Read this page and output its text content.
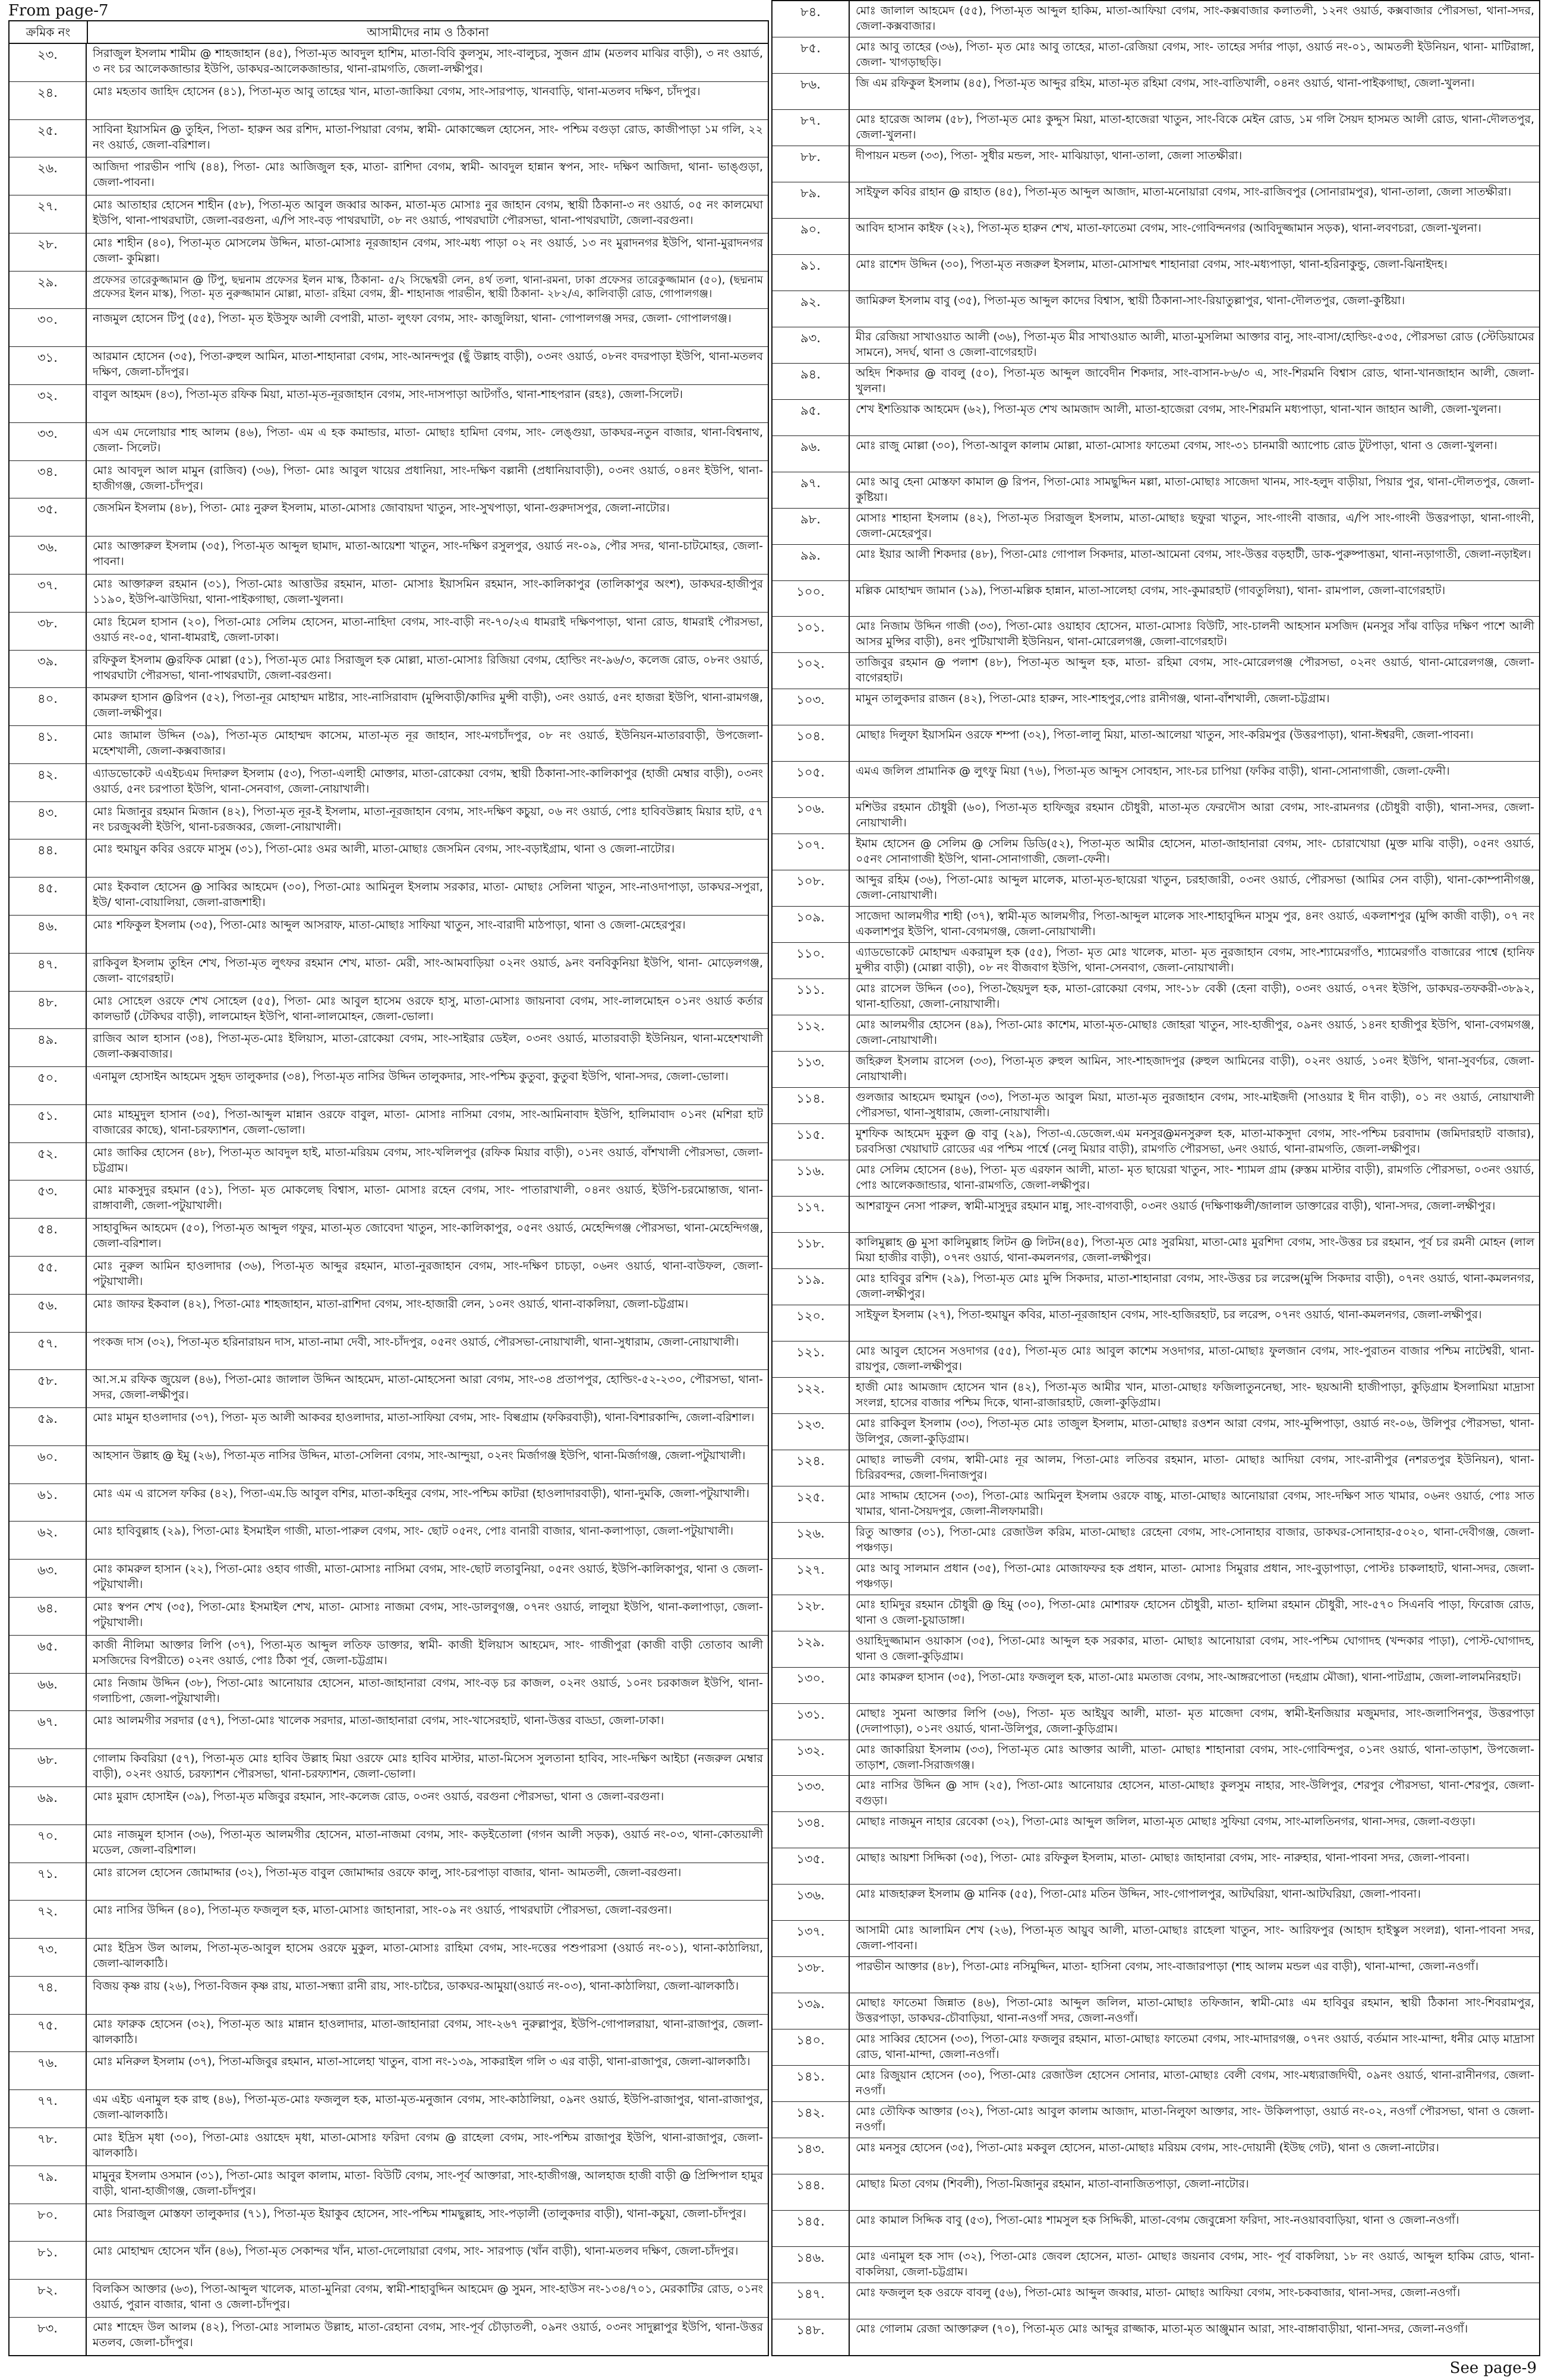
From page-7
ক্রমিক নং	আসামীদের নাম ও ঠিকানা
২৩.	সিরাজুল ইসলাম শামীম @ শাহজাহান (৪৫), পিতা-মৃত আবদুল হাশিম, মাতা-বিবি কুলসুম, সাং-বালুচর, সুজন গ্রাম (মতলব মাঝির বাড়ী), ৩ নং ওয়ার্ড, ৩ নং চর আলেকজান্ডার ইউপি, ডাকঘর-আলেকজান্ডার, থানা-রামগতি, জেলা-লক্ষীপুর।
২৪.	মোঃ মহতাব জাহিদ হোসেন (৪১), পিতা-মৃত আবু তাহের খান, মাতা-জাকিয়া বেগম, সাং-সারপাড়, খানবাড়ি, থানা-মতলব দক্ষিণ, চাঁদপুর।
২৫.	সাবিনা ইয়াসমিন @ তুহিন, পিতা- হারুন অর রশিদ, মাতা-পিয়ারা বেগম, স্বামী- মোকাজ্জেল হোসেন, সাং- পশ্চিম বগুড়া রোড, কাজীপাড়া ১ম গলি, ২২ নং ওয়ার্ড, জেলা-বরিশাল।
২৬.	আজিদা পারভীন পাখি (৪৪), পিতা- মোঃ আজিজুল হক, মাতা- রাশিদা বেগম, স্বামী- আবদুল হান্নান স্বপন, সাং- দক্ষিণ আজিদা, থানা- ভাঙ্গুড়া, জেলা-পাবনা।
২৭.	মোঃ আতাহার হোসেন শাহীন (৫৮), পিতা-মৃত আবুল জব্বার আকন, মাতা-মৃত মোসাঃ নুর জাহান বেগম, স্থায়ী ঠিকানা-৩ নং ওয়ার্ড, ০৫ নং কালমেঘা ইউপি, থানা-পাথরঘাটা, জেলা-বরগুনা, এ/পি সাং-বড় পাথরঘাটা, ০৮ নং ওয়ার্ড, পাথরঘাটা পৌরসভা, থানা-পাথরঘাটা, জেলা-বরগুনা।
২৮.	মোঃ শাহীন (৪০), পিতা-মৃত মোসলেম উদ্দিন, মাতা-মোসাঃ নূরজাহান বেগম, সাং-মধ্য পাড়া ০২ নং ওয়ার্ড, ১৩ নং মুরাদনগর ইউপি, থানা-মুরাদনগর জেলা- কুমিল্লা।
২৯.	প্রফেসর তারেকুজ্জামান @ টিপু, ছদ্মনাম প্রফেসর ইলন মাস্ক, ঠিকানা- ৫/২ সিদ্ধেশ্বরী লেন, ৪র্থ তলা, থানা-রমনা, ঢাকা প্রফেসর তারেকুজ্জামান (৫০), (ছদ্মনাম প্রফেসর ইলন মাস্ক), পিতা- মৃত নুরুজ্জামান মোল্লা, মাতা- রহিমা বেগম, স্ত্রী- শাহানাজ পারভীন, স্থায়ী ঠিকানা- ২৮২/এ, কালিবাড়ী রোড, গোপালগঞ্জ।
৩০.	নাজমুল হোসেন টিপু (৫৫), পিতা- মৃত ইউসুফ আলী বেপারী, মাতা- লুৎফা বেগম, সাং- কাজুলিয়া, থানা- গোপালগঞ্জ সদর, জেলা- গোপালগঞ্জ।
৩১.	আরমান হোসেন (৩৫), পিতা-রুহুল আমিন, মাতা-শাহানারা বেগম, সাং-আনন্দপুর (ছুঁ উল্লাহ বাড়ী), ০৩নং ওয়ার্ড, ০৮নং বদরপাড়া ইউপি, থানা-মতলব দক্ষিণ, জেলা-চাঁদপুর।
৩২.	বাবুল আহমদ (৪৩), পিতা-মৃত রফিক মিয়া, মাতা-মৃত-নূরজাহান বেগম, সাং-দাসপাড়া আটগাঁও, থানা-শাহপরান (রহঃ), জেলা-সিলেট।
৩৩.	এস এম দেলোয়ার শাহ আলম (৪৬), পিতা- এম এ হক কমান্ডার, মাতা- মোছাঃ হামিদা বেগম, সাং- লেঙ্গুয়া, ডাকঘর-নতুন বাজার, থানা-বিশ্বনাথ, জেলা- সিলেট।
৩৪.	মোঃ আবদুল আল মামুন (রাজিব) (৩৬), পিতা- মোঃ আবুল খায়ের প্রধানিয়া, সাং-দক্ষিণ বল্লানী (প্রধানিয়াবাড়ী), ০৩নং ওয়ার্ড, ০৪নং ইউপি, থানা-হাজীগঞ্জ, জেলা-চাঁদপুর।
৩৫.	জেসমিন ইসলাম (৪৮), পিতা- মোঃ নুরুল ইসলাম, মাতা-মোসাঃ জোবায়দা খাতুন, সাং-সুখপাড়া, থানা-গুরুদাসপুর, জেলা-নাটোর।
৩৬.	মোঃ আক্তারুল ইসলাম (৩৫), পিতা-মৃত আব্দুল ছামাদ, মাতা-আয়েশা খাতুন, সাং-দক্ষিণ রসুলপুর, ওয়ার্ড নং-০৯, পৌর সদর, থানা-চাটমোহর, জেলা-পাবনা।
৩৭.	মোঃ আক্তারুল রহমান (৩১), পিতা-মোঃ আত্তাউর রহমান, মাতা- মোসাঃ ইয়াসমিন রহমান, সাং-কালিকাপুর (তালিকাপুর অংশ), ডাকঘর-হাজীপুর ১১৯০, ইউপি-ঝাউদিয়া, থানা-পাইকগাছা, জেলা-খুলনা।
৩৮.	মোঃ হিমেল হাসান (২০), পিতা-মোঃ সেলিম হোসেন, মাতা-নাহিদা বেগম, সাং-বাড়ী নং-৭০/২এ ধামরাই দক্ষিণপাড়া, থানা রোড, ধামরাই পৌরসভা, ওয়ার্ড নং-০৫, থানা-ধামরাই, জেলা-ঢাকা।
৩৯.	রফিকুল ইসলাম @রফিক মোল্লা (৫১), পিতা-মৃত মোঃ সিরাজুল হক মোল্লা, মাতা-মোসাঃ রিজিয়া বেগম, হোল্ডিং নং-৯৬/৩, কলেজ রোড, ০৮নং ওয়ার্ড, পাথরঘাটা পৌরসভা, থানা-পাথরঘাটা, জেলা-বরগুনা।
৪০.	কামরুল হাসান @রিপন (৫২), পিতা-নূর মোহাম্মদ মাষ্টার, সাং-নাসিরাবাদ (মুন্সিবাড়ী/কাদির মুন্সী বাড়ী), ৩নং ওয়ার্ড, ৫নং হাজরা ইউপি, থানা-রামগঞ্জ, জেলা-লক্ষীপুর।
৪১.	মোঃ জামাল উদ্দিন (৩৯), পিতা-মৃত মোহাম্মদ কাসেম, মাতা-মৃত নূর জাহান, সাং-মগচাঁদপুর, ০৮ নং ওয়ার্ড, ইউনিয়ন-মাতারবাড়ী, উপজেলা- মহেশখালী, জেলা-কক্সবাজার।
৪২.	এ্যাডভোকেট এএইচএম দিদারুল ইসলাম (৫৩), পিতা-এলাহী মোক্তার, মাতা-রোকেয়া বেগম, স্থায়ী ঠিকানা-সাং-কালিকাপুর (হাজী মেম্বার বাড়ী), ০৩নং ওয়ার্ড, ৫নং চরপাতা ইউপি, থানা-সেনবাগ, জেলা-নোয়াখালী।
৪৩.	মোঃ মিজানুর রহমান মিজান (৪২), পিতা-মৃত নূর-ই ইসলাম, মাতা-নূরজাহান বেগম, সাং-দক্ষিণ কচুয়া, ০৬ নং ওয়ার্ড, পোঃ হাবিবউল্লাহ মিয়ার হাট, ৫৭ নং চরজুব্বলী ইউপি, থানা-চরজব্বর, জেলা-নোয়াখালী।
৪৪.	মোঃ হুমায়ুন কবির ওরফে মাসুম (৩১), পিতা-মোঃ ওমর আলী, মাতা-মোছাঃ জেসমিন বেগম, সাং-বড়াইগ্রাম, থানা ও জেলা-নাটোর।
৪৫.	মোঃ ইকবাল হোসেন @ সাব্বির আহমেদ (৩০), পিতা-মোঃ আমিনুল ইসলাম সরকার, মাতা- মোছাঃ সেলিনা খাতুন, সাং-নাওদাপাড়া, ডাকঘর-সপুরা, ইউ/ থানা-বোয়ালিয়া, জেলা-রাজশাহী।
৪৬.	মোঃ শফিকুল ইসলাম (৩৫), পিতা-মোঃ আব্দুল আসরাফ, মাতা-মোছাঃ সাফিয়া খাতুন, সাং-বারাদী মাঠপাড়া, থানা ও জেলা-মেহেরপুর।
৪৭.	রাকিবুল ইসলাম তুহিন শেখ, পিতা-মৃত লুৎফর রহমান শেখ, মাতা- মেরী, সাং-আমবাড়িয়া ০২নং ওয়ার্ড, ৯নং বনবিকুনিয়া ইউপি, থানা- মোড়েলগঞ্জ, জেলা- বাগেরহাট।
৪৮.	মোঃ সোহেল ওরফে শেখ সোহেল (৫৫), পিতা- মোঃ আবুল হাসেম ওরফে হাসু, মাতা-মোসাঃ জায়নাবা বেগম, সাং-লালমোহন ০১নং ওয়ার্ড কর্তার কালভার্ট (টেকিঘর বাড়ী), লালমোহন ইউপি, থানা-লালমোহন, জেলা-ভোলা।
৪৯.	রাজিব আল হাসান (৩৪), পিতা-মৃত-মোঃ ইলিয়াস, মাতা-রোকেয়া বেগম, সাং-সাইরার ডেইল, ০৩নং ওয়ার্ড, মাতারবাড়ী ইউনিয়ন, থানা-মহেশখালী জেলা-কক্সবাজার।
৫০.	এনামুল হোসাইন আহমেদ সুহৃদ তালুকদার (৩৪), পিতা-মৃত নাসির উদ্দিন তালুকদার, সাং-পশ্চিম কুতুবা, কুতুবা ইউপি, থানা-সদর, জেলা-ভোলা।
৫১.	মোঃ মাহমুদুল হাসান (৩৫), পিতা-আব্দুল মান্নান ওরফে বাবুল, মাতা- মোসাঃ নাসিমা বেগম, সাং-আমিনাবাদ ইউপি, হালিমাবাদ ০১নং (মশিরা হাট বাজারের কাছে), থানা-চরফ্যাশন, জেলা-ভোলা।
৫২.	মোঃ জাকির হোসেন (৪৮), পিতা-মৃত আবদুল হাই, মাতা-মরিয়ম বেগম, সাং-খলিলপুর (রফিক মিয়ার বাড়ী), ০১নং ওয়ার্ড, বাঁশখালী পৌরসভা, জেলা-চট্টগ্রাম।
৫৩.	মোঃ মাকসুদুর রহমান (৫১), পিতা- মৃত মোকলেছ বিশ্বাস, মাতা- মোসাঃ রহেন বেগম, সাং- পাতারাখালী, ০৪নং ওয়ার্ড, ইউপি-চরমোন্তাজ, থানা-রাঙ্গাবালী, জেলা-পটুয়াখালী।
৫৪.	সাহাবুদ্দিন আহমেদ (৫০), পিতা-মৃত আব্দুল গফুর, মাতা-মৃত জোবেদা খাতুন, সাং-কালিকাপুর, ০৫নং ওয়ার্ড, মেহেন্দিগঞ্জ পৌরসভা, থানা-মেহেন্দিগঞ্জ, জেলা-বরিশাল।
৫৫.	মোঃ নুরুল আমিন হাওলাদার (৩৬), পিতা-মৃত আব্দুর রহমান, মাতা-নুরজাহান বেগম, সাং-দক্ষিণ চাচড়া, ০৬নং ওয়ার্ড, থানা-বাউফল, জেলা-পটুয়াখালী।
৫৬.	মোঃ জাফর ইকবাল (৪২), পিতা-মোঃ শাহজাহান, মাতা-রাশিদা বেগম, সাং-হাজারী লেন, ১০নং ওয়ার্ড, থানা-বাকলিয়া, জেলা-চট্টগ্রাম।
৫৭.	পংকজ দাস (৩২), পিতা-মৃত হরিনারায়ন দাস, মাতা-নামা দেবী, সাং-চাঁদপুর, ০৫নং ওয়ার্ড, পৌরসভা-নোয়াখালী, থানা-সুধারাম, জেলা-নোয়াখালী।
৫৮.	আ.স.ম রফিক জুয়েল (৪৬), পিতা-মোঃ জালাল উদ্দিন আহমেদ, মাতা-মোহসেনা আরা বেগম, সাং-৩৪ প্রতাপপুর, হোল্ডিং-৫২-২৩০, পৌরসভা, থানা-সদর, জেলা-লক্ষীপুর।
৫৯.	মোঃ মামুন হাওলাদার (৩৭), পিতা- মৃত আলী আকবর হাওলাদার, মাতা-সাফিয়া বেগম, সাং- বিল্বগ্রাম (ফকিরবাড়ী), থানা-বিশারকান্দি, জেলা-বরিশাল।
৬০.	আহসান উল্লাহ @ ইমু (২৬), পিতা-মৃত নাসির উদ্দিন, মাতা-সেলিনা বেগম, সাং-আন্দুয়া, ০২নং মির্জাগঞ্জ ইউপি, থানা-মির্জাগঞ্জ, জেলা-পটুয়াখালী।
৬১.	মোঃ এম এ রাসেল ফকির (৪২), পিতা-এম.ডি আবুল বশির, মাতা-কহিনুর বেগম, সাং-পশ্চিম কাটরা (হাওলাদারবাড়ী), থানা-দুমকি, জেলা-পটুয়াখালী।
৬২.	মোঃ হাবিবুল্লাহ (২৯), পিতা-মোঃ ইসমাইল গাজী, মাতা-পারুল বেগম, সাং- ছোট ০৫নং, পোঃ বানারী বাজার, থানা-কলাপাড়া, জেলা-পটুয়াখালী।
৬৩.	মোঃ কামরুল হাসান (২২), পিতা-মোঃ ওহাব গাজী, মাতা-মোসাঃ নাসিমা বেগম, সাং-ছোট লতাবুনিয়া, ০৫নং ওয়ার্ড, ইউপি-কালিকাপুর, থানা ও জেলা- পটুয়াখালী।
৬৪.	মোঃ স্বপন শেখ (৩৫), পিতা-মোঃ ইসমাইল শেখ, মাতা- মোসাঃ নাজমা বেগম, সাং-ডালবুগঞ্জ, ০৭নং ওয়ার্ড, লালুয়া ইউপি, থানা-কলাপাড়া, জেলা-পটুয়াখালী।
৬৫.	কাজী নীলিমা আক্তার লিপি (৩৭), পিতা-মৃত আব্দুল লতিফ ডাক্তার, স্বামী- কাজী ইলিয়াস আহমেদ, সাং- গাজীপুরা (কাজী বাড়ী তোতাব আলী মসজিদের বিপরীতে) ০২নং ওয়ার্ড, পোঃ ঠিকা পূর্ব, জেলা-চট্টগ্রাম।
৬৬.	মোঃ নিজাম উদ্দিন (৩৮), পিতা-মোঃ আনোয়ার হোসেন, মাতা-জাহানারা বেগম, সাং-বড় চর কাজল, ০২নং ওয়ার্ড, ১০নং চরকাজল ইউপি, থানা-গলাচিপা, জেলা-পটুয়াখালী।
৬৭.	মোঃ আলমগীর সরদার (৫৭), পিতা-মোঃ খালেক সরদার, মাতা-জাহানারা বেগম, সাং-খাসেরহাট, থানা-উত্তর বাড্ডা, জেলা-ঢাকা।
৬৮.	গোলাম কিবরিয়া (৫৭), পিতা-মৃত মোঃ হাবিব উল্লাহ মিয়া ওরফে মোঃ হাবিব মাস্টার, মাতা-মিসেস সুলতানা হাবিব, সাং-দক্ষিণ আইচা (নজরুল মেম্বার বাড়ী), ০২নং ওয়ার্ড, চরফ্যাশন পৌরসভা, থানা-চরফ্যাশন, জেলা-ভোলা।
৬৯.	মোঃ মুরাদ হোসাইন (৩৯), পিতা-মৃত মজিবুর রহমান, সাং-কলেজ রোড, ০৩নং ওয়ার্ড, বরগুনা পৌরসভা, থানা ও জেলা-বরগুনা।
৭০.	মোঃ নাজমুল হাসান (৩৬), পিতা-মৃত আলমগীর হোসেন, মাতা-নাজমা বেগম, সাং- কড়ইতোলা (গগন আলী সড়ক), ওয়ার্ড নং-০৩, থানা-কোতয়ালী মডেল, জেলা-বরিশাল।
৭১.	মোঃ রাসেল হোসেন জোমাদ্দার (৩২), পিতা-মৃত বাবুল জোমাদ্দার ওরফে কালু, সাং-চরপাড়া বাজার, থানা- আমতলী, জেলা-বরগুনা।
৭২.	মোঃ নাসির উদ্দিন (৪০), পিতা-মৃত ফজলুল হক, মাতা-মোসাঃ জাহানারা, সাং-০৯ নং ওয়ার্ড, পাথরঘাটা পৌরসভা, জেলা-বরগুনা।
৭৩.	মোঃ ইদ্রিস উল আলম, পিতা-মৃত-আবুল হাসেম ওরফে মুকুল, মাতা-মোসাঃ রাহিমা বেগম, সাং-দত্তের পশুপারসা (ওয়ার্ড নং-০১), থানা-কাঠালিয়া, জেলা-ঝালকাঠি।
৭৪.	বিজয় কৃষ্ণ রায় (২৬), পিতা-বিজন কৃষ্ণ রায়, মাতা-সন্ধ্যা রানী রায়, সাং-চাচৈর, ডাকঘর-আমুয়া(ওয়ার্ড নং-০৩), থানা-কাঠালিয়া, জেলা-ঝালকাঠি।
৭৫.	মোঃ ফারুক হোসেন (৩২), পিতা-মৃত আঃ মান্নান হাওলাদার, মাতা-জাহানারা বেগম, সাং-২৬৭ নুরুল্লাপুর, ইউপি-গোপালরায়া, থানা-রাজাপুর, জেলা-ঝালকাঠি।
৭৬.	মোঃ মনিরুল ইসলাম (৩৭), পিতা-মজিবুর রহমান, মাতা-সালেহা খাতুন, বাসা নং-১৩৯, সাকরাইল গলি ৩ এর বাড়ী, থানা-রাজাপুর, জেলা-ঝালকাঠি।
৭৭.	এম এইচ এনামুল হক রাহু (৪৬), পিতা-মৃত-মোঃ ফজলুল হক, মাতা-মৃত-মনুজান বেগম, সাং-কাঠালিয়া, ০৯নং ওয়ার্ড, ইউপি-রাজাপুর, থানা-রাজাপুর, জেলা-ঝালকাঠি।
৭৮.	মোঃ ইদ্রিস মৃধা (৩০), পিতা-মোঃ ওয়াহেদ মৃধা, মাতা-মোসাঃ ফরিদা বেগম @ রাহেলা বেগম, সাং-পশ্চিম রাজাপুর ইউপি, থানা-রাজাপুর, জেলা-ঝালকাঠি।
৭৯.	মামুনুর ইসলাম ওসমান (৩১), পিতা-মোঃ আবুল কালাম, মাতা- বিউটি বেগম, সাং-পূর্ব আক্তারা, সাং-হাজীগঞ্জ, আলহাজ হাজী বাড়ী @ প্রিন্সিপাল হামুর বাড়ী, থানা-হাজীগঞ্জ, জেলা-চাঁদপুর।
৮০.	মোঃ সিরাজুল মোস্তফা তালুকদার (৭১), পিতা-মৃত ইয়াকুব হোসেন, সাং-পশ্চিম শামছুল্লাহ, সাং-পড়ালী (তালুকদার বাড়ী), থানা-কচুয়া, জেলা-চাঁদপুর।
৮১.	মোঃ মোহাম্মদ হোসেন খাঁন (৪৬), পিতা-মৃত সেকান্দর খাঁন, মাতা-দেলোয়ারা বেগম, সাং- সারপাড় (খাঁন বাড়ী), থানা-মতলব দক্ষিণ, জেলা-চাঁদপুর।
৮২.	বিলকিস আক্তার (৬৩), পিতা-আব্দুল খালেক, মাতা-মুনিরা বেগম, স্বামী-শাহাবুদ্দিন আহমেদ @ সুমন, সাং-হাউস নং-১৩৪/৭০১, মেরকাটির রোড, ০১নং ওয়ার্ড, পুরান বাজার, থানা ও জেলা-চাঁদপুর।
৮৩.	মোঃ শাহেদ উল আলম (৪২), পিতা-মোঃ সালামত উল্লাহ, মাতা-রেহানা বেগম, সাং-পূর্ব চৌড়াতলী, ০৯নং ওয়ার্ড, ০৩নং সাদুল্লাপুর ইউপি, থানা-উত্তর মতলব, জেলা-চাঁদপুর।
৮৪.	মোঃ জালাল আহমেদ (৫৫), পিতা-মৃত আব্দুল হাকিম, মাতা-আফিয়া বেগম, সাং-কক্সবাজার কলাতলী, ১২নং ওয়ার্ড, কক্সবাজার পৌরসভা, থানা-সদর, জেলা-কক্সবাজার।
৮৫.	মোঃ আবু তাহের (৩৬), পিতা- মৃত মোঃ আবু তাহের, মাতা-রেজিয়া বেগম, সাং- তাহের সর্দার পাড়া, ওয়ার্ড নং-০১, আমতলী ইউনিয়ন, থানা- মাটিরাঙ্গা, জেলা- খাগড়াছড়ি।
৮৬.	জি এম রফিকুল ইসলাম (৪৫), পিতা-মৃত আব্দুর রহিম, মাতা-মৃত রহিমা বেগম, সাং-বাতিখালী, ০৪নং ওয়ার্ড, থানা-পাইকগাছা, জেলা-খুলনা।
৮৭.	মোঃ হারেজ আলম (৫৮), পিতা-মৃত মোঃ কুদ্দুস মিয়া, মাতা-হাজেরা খাতুন, সাং-বিকে মেইন রোড, ১ম গলি সৈয়দ হাসমত আলী রোড, থানা-দৌলতপুর, জেলা-খুলনা।
৮৮.	দীপায়ন মন্ডল (৩৩), পিতা- সুধীর মন্ডল, সাং- মাঝিয়াড়া, থানা-তালা, জেলা সাতক্ষীরা।
৮৯.	সাইফুল কবির রাহান @ রাহাত (৪৫), পিতা-মৃত আব্দুল আজাদ, মাতা-মনোয়ারা বেগম, সাং-রাজিবপুর (সোনারামপুর), থানা-তালা, জেলা সাতক্ষীরা।
৯০.	আবিদ হাসান কাইফ (২২), পিতা-মৃত হারুন শেখ, মাতা-ফাতেমা বেগম, সাং-গোবিন্দনগর (আবিদুজ্জামান সড়ক), থানা-লবণচরা, জেলা-খুলনা।
৯১.	মোঃ রাশেদ উদ্দিন (৩০), পিতা-মৃত নজরুল ইসলাম, মাতা-মোসাম্মৎ শাহানারা বেগম, সাং-মধ্যপাড়া, থানা-হরিনাকুন্ডু, জেলা-ঝিনাইদহ।
৯২.	জামিরুল ইসলাম বাবু (৩৫), পিতা-মৃত আব্দুল কাদের বিশ্বাস, স্থায়ী ঠিকানা-সাং-রিয়াতুল্লাপুর, থানা-দৌলতপুর, জেলা-কুষ্টিয়া।
৯৩.	মীর রেজিয়া সাখাওয়াত আলী (৩৬), পিতা-মৃত মীর সাখাওয়াত আলী, মাতা-মুসলিমা আক্তার বানু, সাং-বাসা/হোল্ডিং-৫৩৫, পৌরসভা রোড (স্টেডিয়ামের সামনে), সদর্ঘ, থানা ও জেলা-বাগেরহাট।
৯৪.	অহিদ শিকদার @ বাবলু (৫০), পিতা-মৃত আব্দুল জাবেদীন শিকদার, সাং-বাসান-৮৬/৩ এ, সাং-শিরমনি বিশ্বাস রোড, থানা-খানজাহান আলী, জেলা-খুলনা।
৯৫.	শেখ ইশতিয়াক আহমেদ (৬২), পিতা-মৃত শেখ আমজাদ আলী, মাতা-হাজেরা বেগম, সাং-শিরমনি মধ্যপাড়া, থানা-খান জাহান আলী, জেলা-খুলনা।
৯৬.	মোঃ রাজু মোল্লা (৩০), পিতা-আবুল কালাম মোল্লা, মাতা-মোসাঃ ফাতেমা বেগম, সাং-৩১ চানমারী অ্যাপোচ রোড টুটপাড়া, থানা ও জেলা-খুলনা।
৯৭.	মোঃ আবু হেনা মোস্তফা কামাল @ রিপন, পিতা-মোঃ সামছুদ্দিন মল্লা, মাতা-মোছাঃ সাজেদা খানম, সাং-হলুদ বাড়ীয়া, পিয়ার পুর, থানা-দৌলতপুর, জেলা- কুষ্টিয়া।
৯৮.	মোসাঃ শাহানা ইসলাম (৪২), পিতা-মৃত সিরাজুল ইসলাম, মাতা-মোছাঃ ছফুরা খাতুন, সাং-গাংনী বাজার, এ/পি সাং-গাংনী উত্তরপাড়া, থানা-গাংনী, জেলা-মেহেরপুর।
৯৯.	মোঃ ইয়ার আলী শিকদার (৪৮), পিতা-মোঃ গোপাল সিকদার, মাতা-আমেনা বেগম, সাং-উত্তর বড়হাটী, ডাক-পুরুষ্পাত্তমা, থানা-নড়াগাতী, জেলা-নড়াইল।
১০০.	মল্লিক মোহাম্মদ জামান (১৯), পিতা-মল্লিক হান্নান, মাতা-সালেহা বেগম, সাং-কুমারহাট (গাবতুলিয়া), থানা- রামপাল, জেলা-বাগেরহাট।
১০১.	মোঃ নিজাম উদ্দিন গাজী (৩৩), পিতা-মোঃ ওয়াহাব হোসেন, মাতা-মোসাঃ বিউটি, সাং-চালনী আহসান মসজিদ (মনসুর সাঁঝ বাড়ির দক্ষিণ পাশে আলী আসর মুন্সির বাড়ী), ৪নং পুটিয়াখালী ইউনিয়ন, থানা-মোরেলগঞ্জ, জেলা-বাগেরহাট।
১০২.	তাজিবুর রহমান @ পলাশ (৪৮), পিতা-মৃত আব্দুল হক, মাতা- রহিমা বেগম, সাং-মোরেলগঞ্জ পৌরসভা, ০২নং ওয়ার্ড, থানা-মোরেলগঞ্জ, জেলা-বাগেরহাট।
১০৩.	মামুন তালুকদার রাজন (৪২), পিতা-মোঃ হারুন, সাং-শাহপুর,পোঃ রানীগঞ্জ, থানা-বাঁশখালী, জেলা-চট্টগ্রাম।
১০৪.	মোছাঃ দিলুফা ইয়াসমিন ওরফে শম্পা (৩২), পিতা-লালু মিয়া, মাতা-আলেয়া খাতুন, সাং-করিমপুর (উত্তরপাড়া), থানা-ঈশ্বরদী, জেলা-পাবনা।
১০৫.	এমএ জলিল প্রামানিক @ লুৎফু মিয়া (৭৬), পিতা-মৃত আব্দুস সোবহান, সাং-চর চাপিয়া (ফকির বাড়ী), থানা-সোনাগাজী, জেলা-ফেনী।
১০৬.	মশিউর রহমান চৌধুরী (৬০), পিতা-মৃত হাফিজুর রহমান চৌধুরী, মাতা-মৃত ফেরদৌস আরা বেগম, সাং-রামনগর (চৌধুরী বাড়ী), থানা-সদর, জেলা-নোয়াখালী।
১০৭.	ইমাম হোসেন @ সেলিম @ সেলিম ডিডি(৫২), পিতা-মৃত আমীর হোসেন, মাতা-জাহানারা বেগম, সাং- চোরাখোয়া (মুক্ত মাঝি বাড়ী), ০৫নং ওয়ার্ড, ০৫নং সোনাগাজী ইউপি, থানা-সোনাগাজী, জেলা-ফেনী।
১০৮.	আব্দুর রহিম (৩৬), পিতা-মোঃ আব্দুল মালেক, মাতা-মৃত-ছায়েরা খাতুন, চরহাজারী, ০৩নং ওয়ার্ড, পৌরসভা (আমির সেন বাড়ী), থানা-কোম্পানীগঞ্জ, জেলা-নোয়াখালী।
১০৯.	সাজেদা আলমগীর শাহী (৩৭), স্বামী-মৃত আলমগীর, পিতা-আব্দুল মালেক সাং-শাহাবুদ্দিন মাসুম পুর, ৪নং ওয়ার্ড, একলাশপুর (মুন্সি কাজী বাড়ী), ০৭ নং একলাশপুর ইউপি, থানা-বেগমগঞ্জ, জেলা-নোয়াখালী।
১১০.	এ্যাডভোকেট মোহাম্মদ একরামুল হক (৫৫), পিতা- মৃত মোঃ খালেক, মাতা- মৃত নুরজাহান বেগম, সাং-শ্যামেরগাঁও, শ্যামেরগাঁও বাজারের পাশ্বে (হানিফ মুন্সীর বাড়ী) (মোল্লা বাড়ী), ০৮ নং বীজবাগ ইউপি, থানা-সেনবাগ, জেলা-নোয়াখালী।
১১১.	মোঃ রাসেল উদ্দিন (৩০), পিতা-ছৈয়দুল হক, মাতা-রোকেয়া বেগম, সাং-১৮ বেকী (হেনা বাড়ী), ০৩নং ওয়ার্ড, ০৭নং ইউপি, ডাকঘর-তফকরী-৩৮৯২, থানা-হাতিয়া, জেলা-নোয়াখালী।
১১২.	মোঃ আলমগীর হোসেন (৪৯), পিতা-মোঃ কাশেম, মাতা-মৃত-মোছাঃ জোহরা খাতুন, সাং-হাজীপুর, ০৯নং ওয়ার্ড, ১৪নং হাজীপুর ইউপি, থানা-বেগমগঞ্জ, জেলা-নোয়াখালী।
১১৩.	জহিরুল ইসলাম রাসেল (৩৩), পিতা-মৃত রুহুল আমিন, সাং-শাহজাদপুর (রুহুল আমিনের বাড়ী), ০২নং ওয়ার্ড, ১০নং ইউপি, থানা-সুবর্ণচর, জেলা-নোয়াখালী।
১১৪.	গুলজার আহমেদ হুমায়ুন (৩৩), পিতা-মৃত আবুল মিয়া, মাতা-মৃত নুরজাহান বেগম, সাং-মাইজদী (সাওয়ার ই দীন বাড়ী), ০১ নং ওয়ার্ড, নোয়াখালী পৌরসভা, থানা-সুধারাম, জেলা-নোয়াখালী।
১১৫.	মুশফিক আহমেদ মুকুল @ বাবু (২৯), পিতা-এ.ডেজেল.এম মনসুর@মনসুরুল হক, মাতা-মাকসুদা বেগম, সাং-পশ্চিম চরবাদাম (জমিদারহাট বাজার), চরবসিত্তা খেয়াঘাট রোডের এর পশ্চিম পার্শ্বে (নেলু মিয়ার বাড়ী), রামগতি পৌরসভা, ৬নং ওয়ার্ড, থানা-রামগতি, জেলা-লক্ষীপুর।
১১৬.	মোঃ সেলিম হোসেন (৪৬), পিতা- মৃত এরফান আলী, মাতা- মৃত ছায়েরা খাতুন, সাং- শ্যামল গ্রাম (রুস্তম মাস্টার বাড়ী), রামগতি পৌরসভা, ০৩নং ওয়ার্ড, পোঃ আলেকজান্ডার, থানা-রামগতি, জেলা-লক্ষীপুর।
১১৭.	আশরাফুন নেসা পারুল, স্বামী-মাসুদুর রহমান মান্নু, সাং-বাগবাড়ী, ০৩নং ওয়ার্ড (দক্ষিণাঞ্চলী/জালাল ডাক্তারের বাড়ী), থানা-সদর, জেলা-লক্ষীপুর।
১১৮.	কালিমুল্লাহ @ মুসা কালিমুল্লাহ লিটন @ লিটন(৪৫), পিতা-মৃত মোঃ সুরমিয়া, মাতা-মোঃ মুরশিদা বেগম, সাং-উত্তর চর রহমান, পূর্ব চর রমনী মোহন (লাল মিয়া হাজীর বাড়ী), ০৭নং ওয়ার্ড, থানা-কমলনগর, জেলা-লক্ষীপুর।
১১৯.	মোঃ হাবিবুর রশিদ (২৯), পিতা-মৃত মোঃ মুন্সি সিকদার, মাতা-শাহানারা বেগম, সাং-উত্তর চর লরেন্স(মুন্সি সিকদার বাড়ী), ০৭নং ওয়ার্ড, থানা-কমলনগর, জেলা-লক্ষীপুর।
১২০.	সাইফুল ইসলাম (২৭), পিতা-হুমায়ুন কবির, মাতা-নূরজাহান বেগম, সাং-হাজিরহাট, চর লরেন্স, ০৭নং ওয়ার্ড, থানা-কমলনগর, জেলা-লক্ষীপুর।
১২১.	মোঃ আবুল হোসেন সওদাগর (৫৫), পিতা-মৃত মোঃ আবুল কাশেম সওদাগর, মাতা-মোছাঃ ফুলজান বেগম, সাং-পুরাতন বাজার পশ্চিম নাটেশ্বরী, থানা-রায়পুর, জেলা-লক্ষীপুর।
১২২.	হাজী মোঃ আমজাদ হোসেন খান (৪২), পিতা-মৃত আমীর খান, মাতা-মোছাঃ ফজিলাতুননেছা, সাং- ছয়আনী হাজীপাড়া, কুড়িগ্রাম ইসলামিয়া মাদ্রাসা সংলগ্ন, হাসের বাজার পশ্চিম দিকে, থানা-রাজারহাট, জেলা-কুড়িগ্রাম।
১২৩.	মোঃ রাকিবুল ইসলাম (৩৩), পিতা-মৃত মোঃ তাজুল ইসলাম, মাতা-মোছাঃ রওশন আরা বেগম, সাং-মুন্সিপাড়া, ওয়ার্ড নং-০৬, উলিপুর পৌরসভা, থানা-উলিপুর, জেলা-কুড়িগ্রাম।
১২৪.	মোছাঃ লাভলী বেগম, স্বামী-মোঃ নূর আলম, পিতা-মোঃ লতিবর রহমান, মাতা- মোছাঃ আদিয়া বেগম, সাং-রানীপুর (নশরতপুর ইউনিয়ন), থানা-চিরিরবন্দর, জেলা-দিনাজপুর।
১২৫.	মোঃ সাদ্দাম হোসেন (৩৩), পিতা-মোঃ আমিনুল ইসলাম ওরফে বাচ্চু, মাতা-মোছাঃ আনোয়ারা বেগম, সাং-দক্ষিণ সাত খামার, ০৬নং ওয়ার্ড, পোঃ সাত খামার, থানা-সৈয়দপুর, জেলা-নীলফামারী।
১২৬.	রিতু আক্তার (৩১), পিতা-মোঃ রেজাউল করিম, মাতা-মোছাঃ রেহেনা বেগম, সাং-সোনাহার বাজার, ডাকঘর-সোনাহার-৫০২০, থানা-দেবীগঞ্জ, জেলা-পঞ্চগড়।
১২৭.	মোঃ আবু সালমান প্রধান (৩৫), পিতা-মোঃ মোজাফফর হক প্রধান, মাতা- মোসাঃ সিমুরার প্রধান, সাং-বুড়াপাড়া, পোস্টঃ চাকলাহাট, থানা-সদর, জেলা-পঞ্চগড়।
১২৮.	মোঃ হামিদুর রহমান চৌধুরী @ হিমু (৩০), পিতা-মোঃ মোশারফ হোসেন চৌধুরী, মাতা- হালিমা রহমান চৌধুরী, সাং-৫৭০ সিএনবি পাড়া, ফিরোজ রোড, থানা ও জেলা-চুয়াডাঙ্গা।
১২৯.	ওয়াহিদুজ্জামান ওয়াকাস (৩৫), পিতা-মোঃ আব্দুল হক সরকার, মাতা- মোছাঃ আনোয়ারা বেগম, সাং-পশ্চিম ঘোগাদহ (খন্দকার পাড়া), পোস্ট-ঘোগাদহ, থানা ও জেলা-কুড়িগ্রাম।
১৩০.	মোঃ কামরুল হাসান (৩৫), পিতা-মোঃ ফজলুল হক, মাতা-মোঃ মমতাজ বেগম, সাং-আঙ্গরপোতা (দহগ্রাম মৌজা), থানা-পাটগ্রাম, জেলা-লালমনিরহাট।
১৩১.	মোছাঃ সুমনা আক্তার লিপি (৩৬), পিতা- মৃত আইয়ুব আলী, মাতা- মৃত মাজেদা বেগম, স্বামী-ইনজিয়ার মজুমদার, সাং-জলাপিনপুর, উত্তরপাড়া (দেলাপাড়া), ০১নং ওয়ার্ড, থানা-উলিপুর, জেলা-কুড়িগ্রাম।
১৩২.	মোঃ জাকারিয়া ইসলাম (৩৩), পিতা-মৃত মোঃ আক্তার আলী, মাতা- মোছাঃ শাহানারা বেগম, সাং-গোবিন্দপুর, ০১নং ওয়ার্ড, থানা-তাড়াশ, উপজেলা-তাড়াশ, জেলা-সিরাজগঞ্জ।
১৩৩.	মোঃ নাসির উদ্দিন @ সাদ (২৫), পিতা-মোঃ আনোয়ার হোসেন, মাতা-মোছাঃ কুলসুম নাহার, সাং-উলিপুর, শেরপুর পৌরসভা, থানা-শেরপুর, জেলা-বগুড়া।
১৩৪.	মোছাঃ নাজমুন নাহার রেবেকা (৩২), পিতা-মোঃ আব্দুল জলিল, মাতা-মৃত মোছাঃ সুফিয়া বেগম, সাং-মালতিনগর, থানা-সদর, জেলা-বগুড়া।
১৩৫.	মোছাঃ আয়শা সিদ্দিকা (৩৫), পিতা- মোঃ রফিকুল ইসলাম, মাতা- মোছাঃ জাহানারা বেগম, সাং- নারুহার, থানা-পাবনা সদর, জেলা-পাবনা।
১৩৬.	মোঃ মাজহারুল ইসলাম @ মানিক (৫৫), পিতা-মোঃ মতিন উদ্দিন, সাং-গোপালপুর, আটঘরিয়া, থানা-আটঘরিয়া, জেলা-পাবনা।
১৩৭.	আসামী মোঃ আলামিন শেখ (২৬), পিতা-মৃত আয়ুব আলী, মাতা-মোছাঃ রাহেলা খাতুন, সাং- আরিফপুর (আহাদ হাইস্কুল সংলগ্ন), থানা-পাবনা সদর, জেলা-পাবনা।
১৩৮.	পারভীন আক্তার (৪৮), পিতা-মোঃ নসিমুদ্দিন, মাতা- হাসিনা বেগম, সাং-বাজারপাড়া (শাহ আলম মন্ডল এর বাড়ী), থানা-মান্দা, জেলা-নওগাঁ।
১৩৯.	মোছাঃ ফাতেমা জিন্নাত (৪৬), পিতা-মোঃ আব্দুল জলিল, মাতা-মোছাঃ তফিজান, স্বামী-মোঃ এম হাবিবুর রহমান, স্থায়ী ঠিকানা সাং-শিবরামপুর, উত্তরপাড়া, ডাকঘর-চৌবাড়িয়া, থানা-নওগাঁ সদর, জেলা-নওগাঁ।
১৪০.	মোঃ সাব্বির হোসেন (৩৩), পিতা-মোঃ ফজলুর রহমান, মাতা-মোছাঃ ফাতেমা বেগম, সাং-মাদারগঞ্জ, ০৭নং ওয়ার্ড, বর্তমান সাং-মান্দা, ধনীর মোড় মাদ্রাসা রোড, থানা-মান্দা, জেলা-নওগাঁ।
১৪১.	মোঃ রিজুয়ান হোসেন (৩০), পিতা-মোঃ রেজাউল হোসেন সোনার, মাতা-মোছাঃ বেলী বেগম, সাং-মধ্যরাজদিঘী, ০৯নং ওয়ার্ড, থানা-রানীনগর, জেলা-নওগাঁ।
১৪২.	মোঃ তৌফিক আক্তার (৩২), পিতা-মোঃ আবুল কালাম আজাদ, মাতা-নিলুফা আক্তার, সাং- উকিলপাড়া, ওয়ার্ড নং-০২, নওগাঁ পৌরসভা, থানা ও জেলা-নওগাঁ।
১৪৩.	মোঃ মনসুর হোসেন (৩৫), পিতা-মোঃ মকবুল হোসেন, মাতা-মোছাঃ মরিয়ম বেগম, সাং-দোয়ানী (ইউছ গেট), থানা ও জেলা-নাটোর।
১৪৪.	মোছাঃ মিতা বেগম (শিবলী), পিতা-মিজানুর রহমান, মাতা-বানাজিতপাড়া, জেলা-নাটোর।
১৪৫.	মোঃ কামাল সিদ্দিক বাবু (৫৩), পিতা-মোঃ শামসুল হক সিদ্দিকী, মাতা-বেগম জেবুন্নেসা ফরিদা, সাং-নওয়াববাড়িয়া, থানা ও জেলা-নওগাঁ।
১৪৬.	মোঃ এনামুল হক সাদ (৩২), পিতা-মোঃ জেবল হোসেন, মাতা- মোছাঃ জয়নাব বেগম, সাং- পূর্ব বাকলিয়া, ১৮ নং ওয়ার্ড, আব্দুল হাকিম রোড, থানা-বাকলিয়া, জেলা-চট্টগ্রাম।
১৪৭.	মোঃ ফজলুল হক ওরফে বাবলু (৫৬), পিতা-মোঃ আব্দুল জব্বার, মাতা- মোছাঃ আফিয়া বেগম, সাং-চকবাজার, থানা-সদর, জেলা-নওগাঁ।
১৪৮.	মোঃ গোলাম রেজা আক্তারুল (৭০), পিতা-মৃত মোঃ আব্দুর রাজ্জাক, মাতা-মৃত আঞ্জুমান আরা, সাং-বাঙ্গাবাড়ীয়া, থানা-সদর, জেলা-নওগাঁ।
See page-9
